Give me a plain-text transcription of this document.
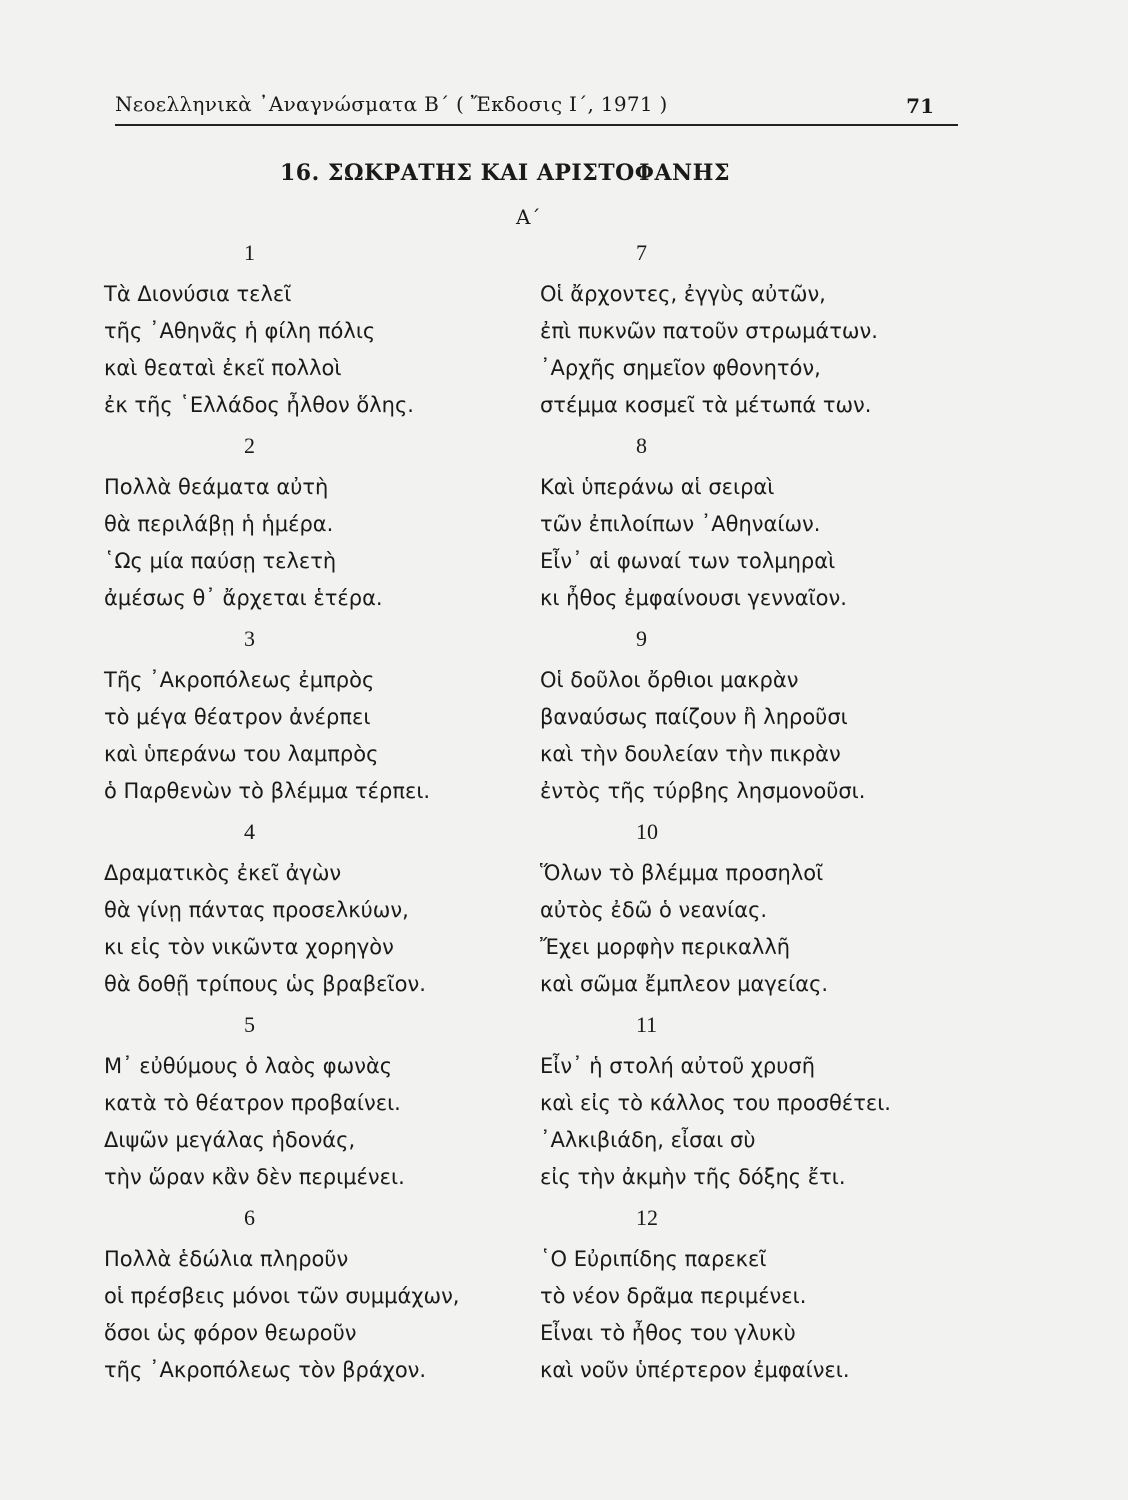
Νεοελληνικὰ ᾿Αναγνώσματα Β΄ ( Ἔκδοσις Ι΄, 1971 )	71
16. ΣΩΚΡΑΤΗΣ ΚΑΙ ΑΡΙΣΤΟΦΑΝΗΣ
Α΄
1
Τὰ Διονύσια τελεῖ
τῆς ᾿Αθηνᾶς ἡ φίλη πόλις
καὶ θεαταὶ ἐκεῖ πολλοὶ
ἐκ τῆς ῾Ελλάδος ἦλθον ὅλης.
2
Πολλὰ θεάματα αὐτὴ
θὰ περιλάβῃ ἡ ἡμέρα.
῾Ως μία παύσῃ τελετὴ
ἀμέσως θ᾿ ἄρχεται ἑτέρα.
3
Τῆς ᾿Ακροπόλεως ἐμπρὸς
τὸ μέγα θέατρον ἀνέρπει
καὶ ὑπεράνω του λαμπρὸς
ὁ Παρθενὼν τὸ βλέμμα τέρπει.
4
Δραματικὸς ἐκεῖ ἀγὼν
θὰ γίνῃ πάντας προσελκύων,
κι εἰς τὸν νικῶντα χορηγὸν
θὰ δοθῇ τρίπους ὡς βραβεῖον.
5
Μ᾿ εὐθύμους ὁ λαὸς φωνὰς
κατὰ τὸ θέατρον προβαίνει.
Διψῶν μεγάλας ἡδονάς,
τὴν ὥραν κἂν δὲν περιμένει.
6
Πολλὰ ἑδώλια πληροῦν
οἱ πρέσβεις μόνοι τῶν συμμάχων,
ὅσοι ὡς φόρον θεωροῦν
τῆς ᾿Ακροπόλεως τὸν βράχον.
7
Οἱ ἄρχοντες, ἐγγὺς αὐτῶν,
ἐπὶ πυκνῶν πατοῦν στρωμάτων.
᾿Αρχῆς σημεῖον φθονητόν,
στέμμα κοσμεῖ τὰ μέτωπά των.
8
Καὶ ὑπεράνω αἱ σειραὶ
τῶν ἐπιλοίπων ᾿Αθηναίων.
Εἶν᾿ αἱ φωναί των τολμηραὶ
κι ἦθος ἐμφαίνουσι γενναῖον.
9
Οἱ δοῦλοι ὄρθιοι μακρὰν
βαναύσως παίζουν ἢ ληροῦσι
καὶ τὴν δουλείαν τὴν πικρὰν
ἐντὸς τῆς τύρβης λησμονοῦσι.
10
Ὅλων τὸ βλέμμα προσηλοῖ
αὐτὸς ἐδῶ ὁ νεανίας.
Ἔχει μορφὴν περικαλλῆ
καὶ σῶμα ἔμπλεον μαγείας.
11
Εἶν᾿ ἡ στολή αὐτοῦ χρυσῆ
καὶ εἰς τὸ κάλλος του προσθέτει.
᾿Αλκιβιάδη, εἶσαι σὺ
εἰς τὴν ἀκμὴν τῆς δόξης ἔτι.
12
῾Ο Εὐριπίδης παρεκεῖ
τὸ νέον δρᾶμα περιμένει.
Εἶναι τὸ ἦθος του γλυκὺ
καὶ νοῦν ὑπέρτερον ἐμφαίνει.
